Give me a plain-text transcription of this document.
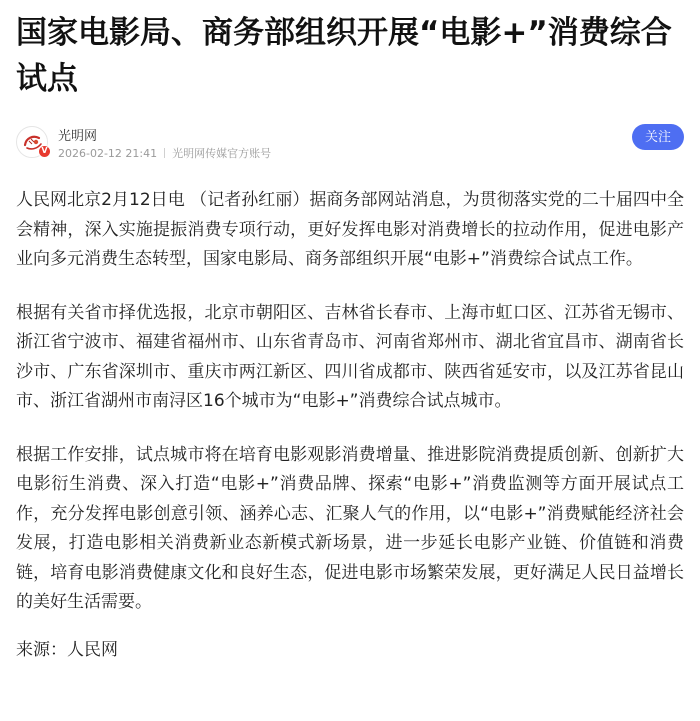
国家电影局、商务部组织开展“电影+”消费综合试点
V
光明网
2026-02-12 21:41 光明网传媒官方账号
关注

人民网北京2月12日电 （记者孙红丽）据商务部网站消息，为贯彻落实党的二十届四中全会精神，深入实施提振消费专项行动，更好发挥电影对消费增长的拉动作用，促进电影产业向多元消费生态转型，国家电影局、商务部组织开展“电影+”消费综合试点工作。

根据有关省市择优选报，北京市朝阳区、吉林省长春市、上海市虹口区、江苏省无锡市、浙江省宁波市、福建省福州市、山东省青岛市、河南省郑州市、湖北省宜昌市、湖南省长沙市、广东省深圳市、重庆市两江新区、四川省成都市、陕西省延安市，以及江苏省昆山市、浙江省湖州市南浔区16个城市为“电影+”消费综合试点城市。

根据工作安排，试点城市将在培育电影观影消费增量、推进影院消费提质创新、创新扩大电影衍生消费、深入打造“电影+”消费品牌、探索“电影+”消费监测等方面开展试点工作，充分发挥电影创意引领、涵养心志、汇聚人气的作用，以“电影+”消费赋能经济社会发展，打造电影相关消费新业态新模式新场景，进一步延长电影产业链、价值链和消费链，培育电影消费健康文化和良好生态，促进电影市场繁荣发展，更好满足人民日益增长的美好生活需要。

来源：人民网
